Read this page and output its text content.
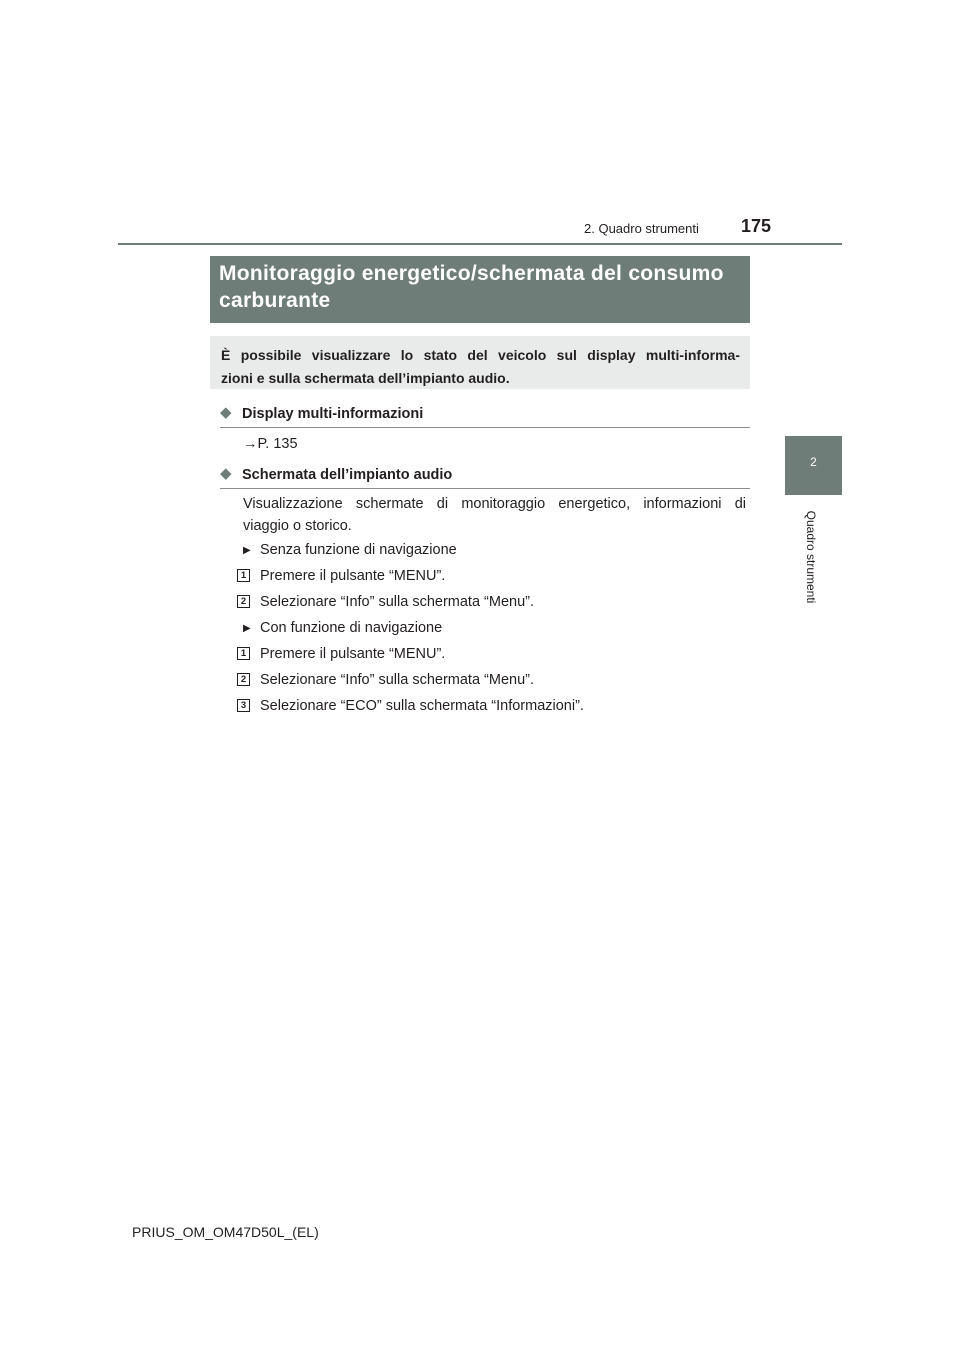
2. Quadro strumenti 175
2
Quadro strumenti
Monitoraggio energetico/schermata del consumo
carburante
È possibile visualizzare lo stato del veicolo sul display multi-informa-
zioni e sulla schermata dell’impianto audio.
◆ Display multi-informazioni
→P. 135
◆ Schermata dell’impianto audio
Visualizzazione schermate di monitoraggio energetico, informazioni di
viaggio o storico.
▶ Senza funzione di navigazione
1 Premere il pulsante “MENU”.
2 Selezionare “Info” sulla schermata “Menu”.
▶ Con funzione di navigazione
1 Premere il pulsante “MENU”.
2 Selezionare “Info” sulla schermata “Menu”.
3 Selezionare “ECO” sulla schermata “Informazioni”.
PRIUS_OM_OM47D50L_(EL)
